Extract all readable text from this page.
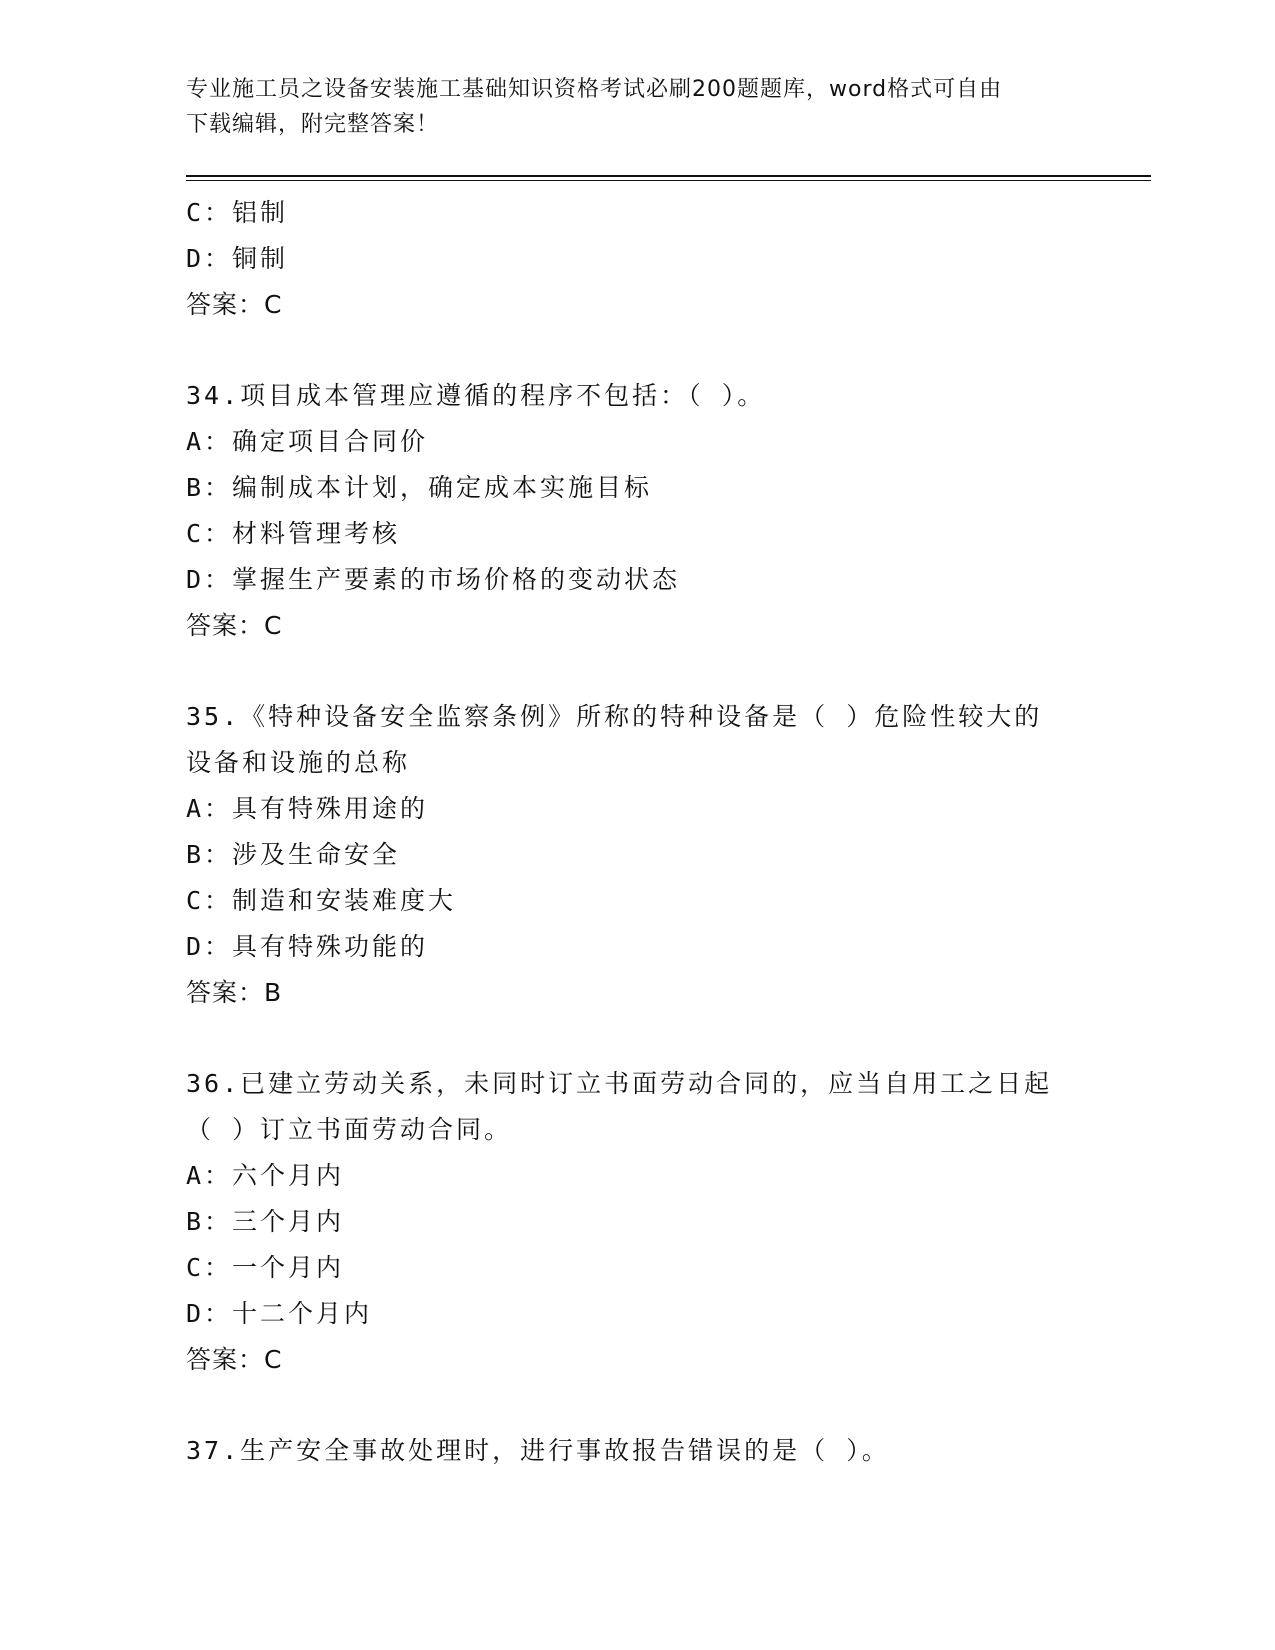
专业施工员之设备安装施工基础知识资格考试必刷200题题库，word格式可自由
下载编辑，附完整答案！
C：铝制
D：铜制
答案：C
34.项目成本管理应遵循的程序不包括：（ ）。
A：确定项目合同价
B：编制成本计划，确定成本实施目标
C：材料管理考核
D：掌握生产要素的市场价格的变动状态
答案：C
35.《特种设备安全监察条例》所称的特种设备是（ ）危险性较大的
设备和设施的总称
A：具有特殊用途的
B：涉及生命安全
C：制造和安装难度大
D：具有特殊功能的
答案：B
36.已建立劳动关系，未同时订立书面劳动合同的，应当自用工之日起
（ ）订立书面劳动合同。
A：六个月内
B：三个月内
C：一个月内
D：十二个月内
答案：C
37.生产安全事故处理时，进行事故报告错误的是（ ）。
